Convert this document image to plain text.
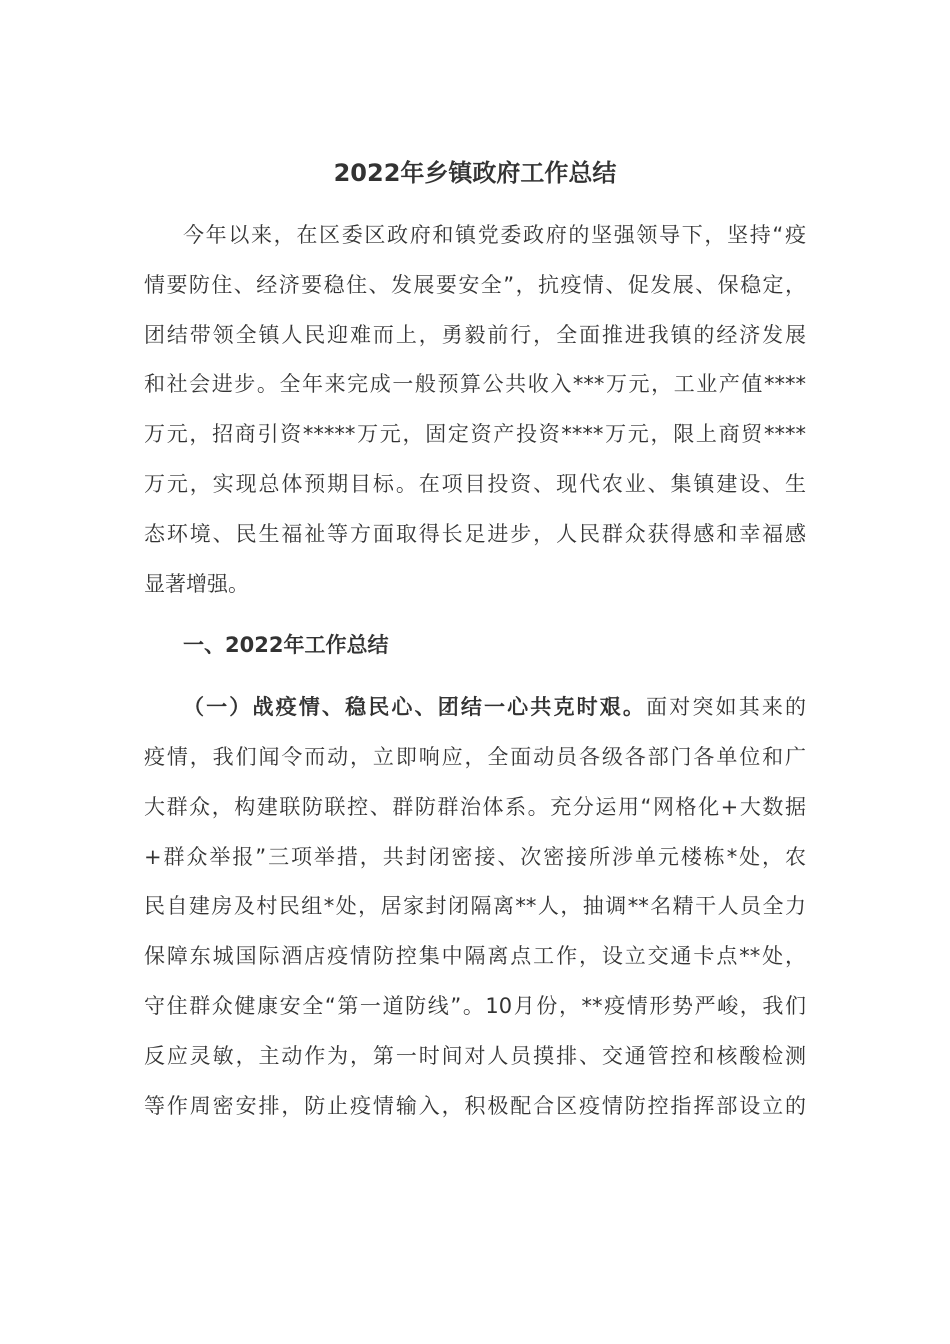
2022年乡镇政府工作总结
今年以来，在区委区政府和镇党委政府的坚强领导下，坚持“疫
情要防住、经济要稳住、发展要安全”，抗疫情、促发展、保稳定，
团结带领全镇人民迎难而上，勇毅前行，全面推进我镇的经济发展
和社会进步。全年来完成一般预算公共收入***万元，工业产值****
万元，招商引资*****万元，固定资产投资****万元，限上商贸****
万元，实现总体预期目标。在项目投资、现代农业、集镇建设、生
态环境、民生福祉等方面取得长足进步，人民群众获得感和幸福感
显著增强。
一、2022年工作总结
（一）战疫情、稳民心、团结一心共克时艰。面对突如其来的
疫情，我们闻令而动，立即响应，全面动员各级各部门各单位和广
大群众，构建联防联控、群防群治体系。充分运用“网格化+大数据
+群众举报”三项举措，共封闭密接、次密接所涉单元楼栋*处，农
民自建房及村民组*处，居家封闭隔离**人，抽调**名精干人员全力
保障东城国际酒店疫情防控集中隔离点工作，设立交通卡点**处，
守住群众健康安全“第一道防线”。10月份，**疫情形势严峻，我们
反应灵敏，主动作为，第一时间对人员摸排、交通管控和核酸检测
等作周密安排，防止疫情输入，积极配合区疫情防控指挥部设立的
